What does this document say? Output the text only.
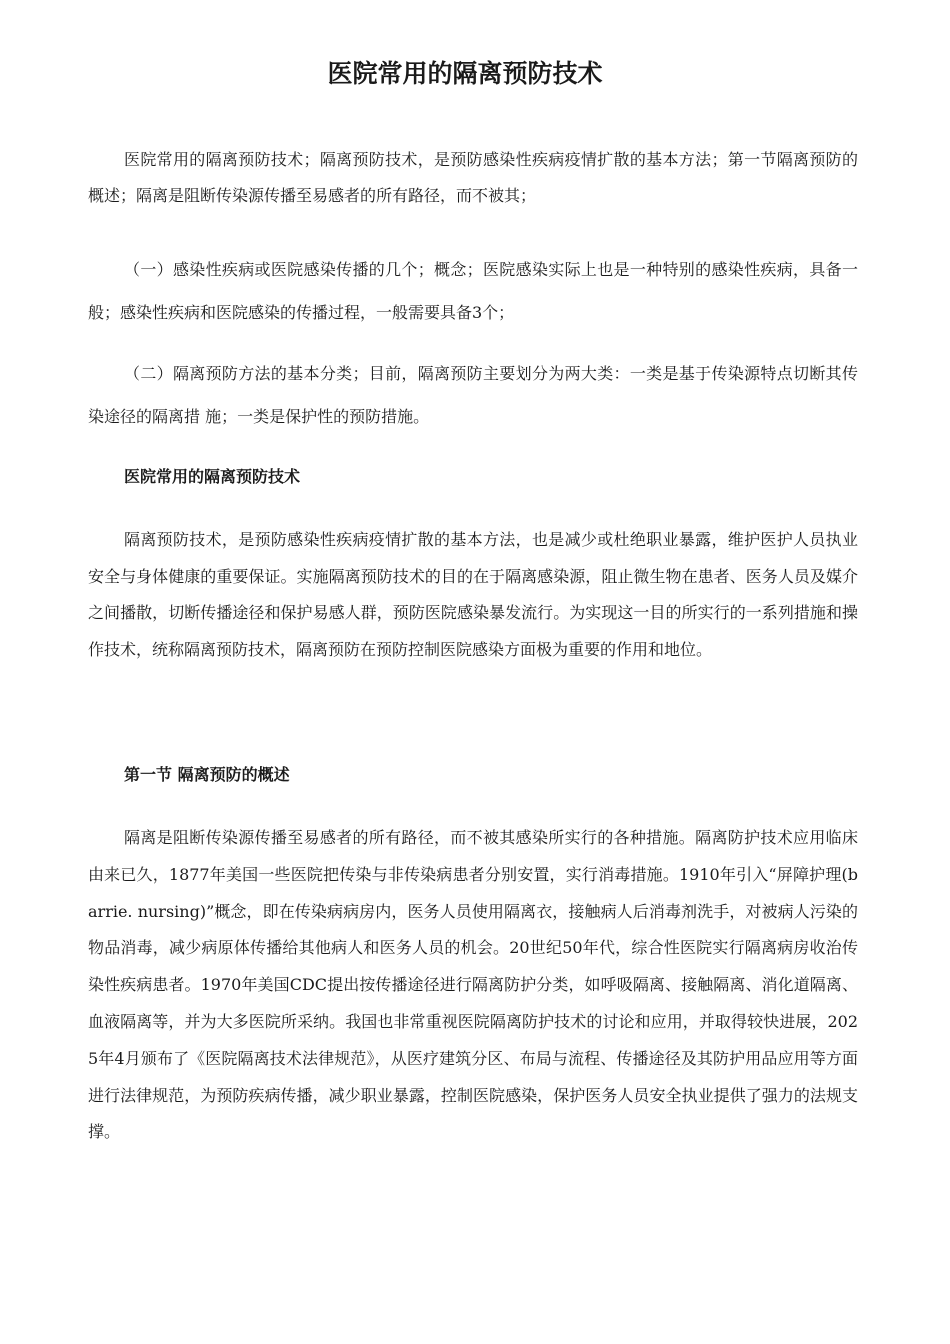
医院常用的隔离预防技术

医院常用的隔离预防技术；隔离预防技术，是预防感染性疾病疫情扩散的基本方法；第一节隔离预防的概述；隔离是阻断传染源传播至易感者的所有路径，而不被其；

（一）感染性疾病或医院感染传播的几个；概念；医院感染实际上也是一种特别的感染性疾病，具备一般；感染性疾病和医院感染的传播过程，一般需要具备3个；

（二）隔离预防方法的基本分类；目前，隔离预防主要划分为两大类：一类是基于传染源特点切断其传染途径的隔离措 施；一类是保护性的预防措施。

医院常用的隔离预防技术

隔离预防技术，是预防感染性疾病疫情扩散的基本方法，也是减少或杜绝职业暴露，维护医护人员执业安全与身体健康的重要保证。实施隔离预防技术的目的在于隔离感染源，阻止微生物在患者、医务人员及媒介之间播散，切断传播途径和保护易感人群，预防医院感染暴发流行。为实现这一目的所实行的一系列措施和操作技术，统称隔离预防技术，隔离预防在预防控制医院感染方面极为重要的作用和地位。

第一节 隔离预防的概述

隔离是阻断传染源传播至易感者的所有路径，而不被其感染所实行的各种措施。隔离防护技术应用临床由来已久，1877年美国一些医院把传染与非传染病患者分别安置，实行消毒措施。1910年引入“屏障护理(barrie. nursing)”概念，即在传染病病房内，医务人员使用隔离衣，接触病人后消毒剂洗手，对被病人污染的物品消毒，减少病原体传播给其他病人和医务人员的机会。20世纪50年代，综合性医院实行隔离病房收治传染性疾病患者。1970年美国CDC提出按传播途径进行隔离防护分类，如呼吸隔离、接触隔离、消化道隔离、血液隔离等，并为大多医院所采纳。我国也非常重视医院隔离防护技术的讨论和应用，并取得较快进展，2025年4月颁布了《医院隔离技术法律规范》，从医疗建筑分区、布局与流程、传播途径及其防护用品应用等方面进行法律规范，为预防疾病传播，减少职业暴露，控制医院感染，保护医务人员安全执业提供了强力的法规支撑。
